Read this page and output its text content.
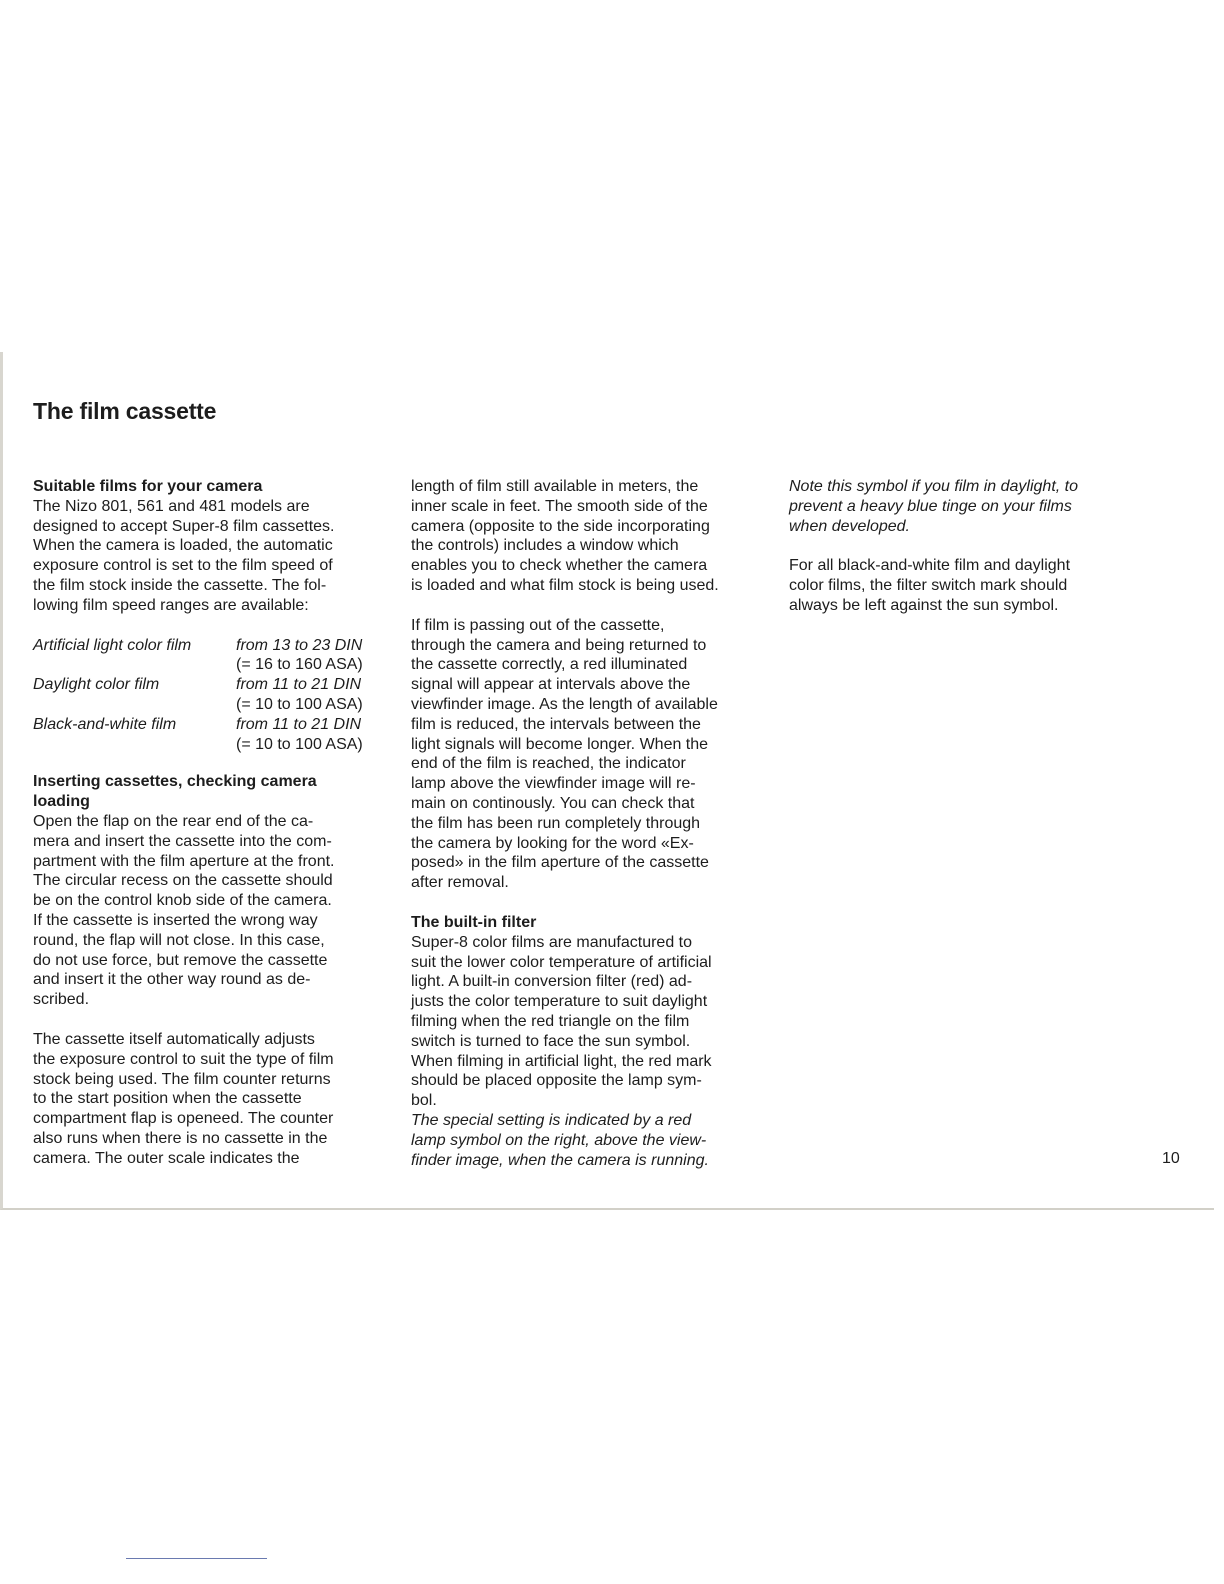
The film cassette

Suitable films for your camera

The Nizo 801, 561 and 481 models are
designed to accept Super-8 film cassettes.
When the camera is loaded, the automatic
exposure control is set to the film speed of
the film stock inside the cassette. The fol-
lowing film speed ranges are available:

Artificial light color film	from 13 to 23 DIN
(= 16 to 160 ASA)
Daylight color film	from 11 to 21 DIN
(= 10 to 100 ASA)
Black-and-white film	from 11 to 21 DIN
(= 10 to 100 ASA)

Inserting cassettes, checking camera
loading

Open the flap on the rear end of the ca-
mera and insert the cassette into the com-
partment with the film aperture at the front.
The circular recess on the cassette should
be on the control knob side of the camera.
If the cassette is inserted the wrong way
round, the flap will not close. In this case,
do not use force, but remove the cassette
and insert it the other way round as de-
scribed.

The cassette itself automatically adjusts
the exposure control to suit the type of film
stock being used. The film counter returns
to the start position when the cassette
compartment flap is openeed. The counter
also runs when there is no cassette in the
camera. The outer scale indicates the

length of film still available in meters, the
inner scale in feet. The smooth side of the
camera (opposite to the side incorporating
the controls) includes a window which
enables you to check whether the camera
is loaded and what film stock is being used.

If film is passing out of the cassette,
through the camera and being returned to
the cassette correctly, a red illuminated
signal will appear at intervals above the
viewfinder image. As the length of available
film is reduced, the intervals between the
light signals will become longer. When the
end of the film is reached, the indicator
lamp above the viewfinder image will re-
main on continously. You can check that
the film has been run completely through
the camera by looking for the word «Ex-
posed» in the film aperture of the cassette
after removal.

The built-in filter

Super-8 color films are manufactured to
suit the lower color temperature of artificial
light. A built-in conversion filter (red) ad-
justs the color temperature to suit daylight
filming when the red triangle on the film
switch is turned to face the sun symbol.
When filming in artificial light, the red mark
should be placed opposite the lamp sym-
bol.

The special setting is indicated by a red
lamp symbol on the right, above the view-
finder image, when the camera is running.

Note this symbol if you film in daylight, to
prevent a heavy blue tinge on your films
when developed.

For all black-and-white film and daylight
color films, the filter switch mark should
always be left against the sun symbol.

10
